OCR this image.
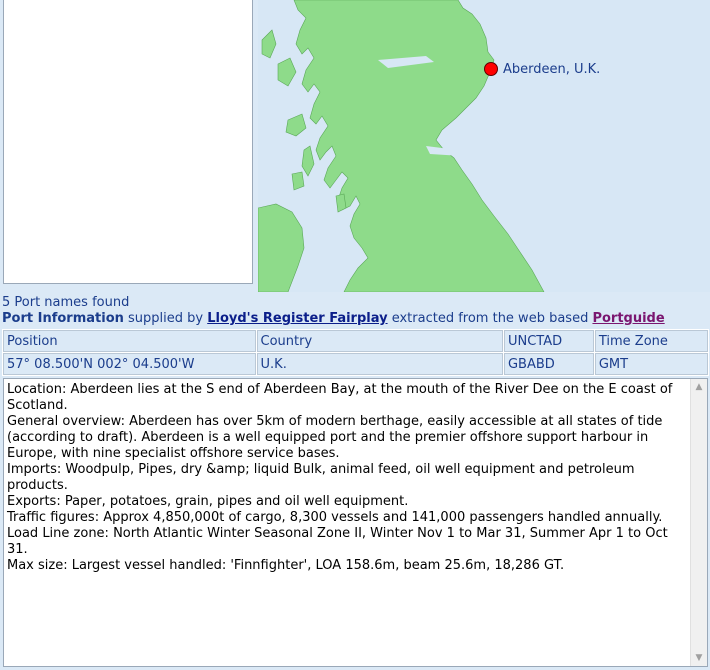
Aberdeen, U.K.
5 Port names found
Port Information supplied by Lloyd's Register Fairplay extracted from the web based Portguide
Position	Country	UNCTAD	Time Zone
57° 08.500'N 002° 04.500'W	U.K.	GBABD	GMT
Location: Aberdeen lies at the S end of Aberdeen Bay, at the mouth of the River Dee on the E coast of Scotland.
General overview: Aberdeen has over 5km of modern berthage, easily accessible at all states of tide (according to draft). Aberdeen is a well equipped port and the premier offshore support harbour in Europe, with nine specialist offshore service bases.
Imports: Woodpulp, Pipes, dry &amp; liquid Bulk, animal feed, oil well equipment and petroleum products.
Exports: Paper, potatoes, grain, pipes and oil well equipment.
Traffic figures: Approx 4,850,000t of cargo, 8,300 vessels and 141,000 passengers handled annually.
Load Line zone: North Atlantic Winter Seasonal Zone II, Winter Nov 1 to Mar 31, Summer Apr 1 to Oct 31.
Max size: Largest vessel handled: 'Finnfighter', LOA 158.6m, beam 25.6m, 18,286 GT.
▲
▼
